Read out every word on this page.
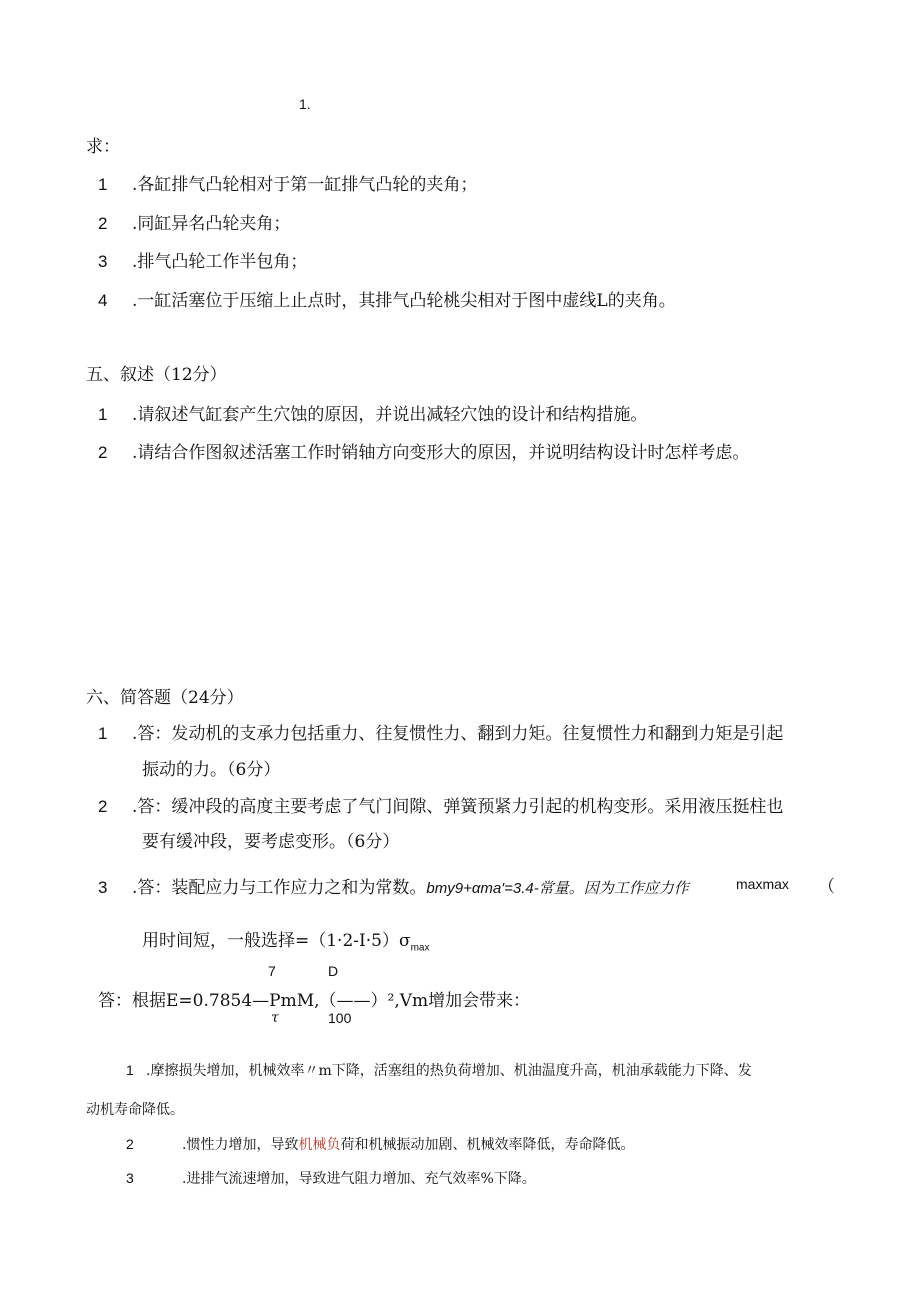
1.
求：
1 .各缸排气凸轮相对于第一缸排气凸轮的夹角；
2 .同缸异名凸轮夹角；
3 .排气凸轮工作半包角；
4 .一缸活塞位于压缩上止点时，其排气凸轮桃尖相对于图中虚线L的夹角。
五、叙述（12分）
1 .请叙述气缸套产生穴蚀的原因，并说出减轻穴蚀的设计和结构措施。
2 .请结合作图叙述活塞工作时销轴方向变形大的原因，并说明结构设计时怎样考虑。
六、简答题（24分）
1 .答：发动机的支承力包括重力、往复惯性力、翻到力矩。往复惯性力和翻到力矩是引起
振动的力。（6分）
2 .答：缓冲段的高度主要考虑了气门间隙、弹簧预紧力引起的机构变形。采用液压挺柱也
要有缓冲段，要考虑变形。（6分）
3 .答：装配应力与工作应力之和为常数。bmy9+αma'=3.4-常量。因为工作应力作	maxmax （
用时间短，一般选择$=(1\cdot 2-I\cdot 5)\sigma_{max}$
7	D
答：根据E=0.7854—PmM,（——）²,Vm增加会带来：
τ	100
1 .摩擦损失增加，机械效率〃m下降，活塞组的热负荷增加、机油温度升高，机油承载能力下降、发
动机寿命降低。
2	.惯性力增加，导致机械负荷和机械振动加剧、机械效率降低，寿命降低。
3	.进排气流速增加，导致进气阻力增加、充气效率%下降。
